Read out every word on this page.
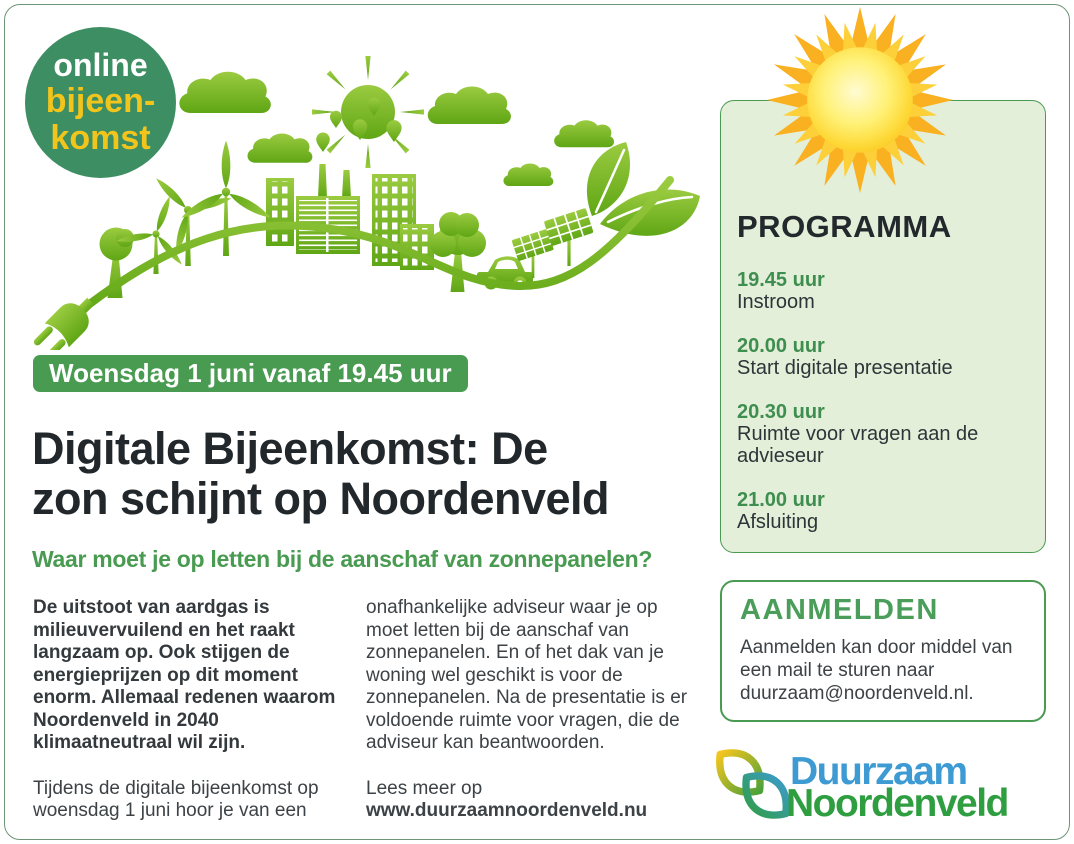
online
bijeen-
komst
PROGRAMMA
19.45 uur
Instroom
20.00 uur
Start digitale presentatie
20.30 uur
Ruimte voor vragen aan de advieseur
21.00 uur
Afsluiting
Woensdag 1 juni vanaf 19.45 uur
Digitale Bijeenkomst: De
zon schijnt op Noordenveld
Waar moet je op letten bij de aanschaf van zonnepanelen?

De uitstoot van aardgas is milieuvervuilend en het raakt langzaam op. Ook stijgen de energieprijzen op dit moment enorm. Allemaal redenen waarom Noordenveld in 2040 klimaatneutraal wil zijn.

Tijdens de digitale bijeenkomst op woensdag 1 juni hoor je van een

onafhankelijke adviseur waar je op moet letten bij de aanschaf van zonnepanelen. En of het dak van je woning wel geschikt is voor de zonnepanelen. Na de presentatie is er voldoende ruimte voor vragen, die de adviseur kan beantwoorden.

Lees meer op

www.duurzaamnoordenveld.nu

AANMELDEN

Aanmelden kan door middel van een mail te sturen naar duurzaam@noordenveld.nl.

Duurzaam
Noordenveld
